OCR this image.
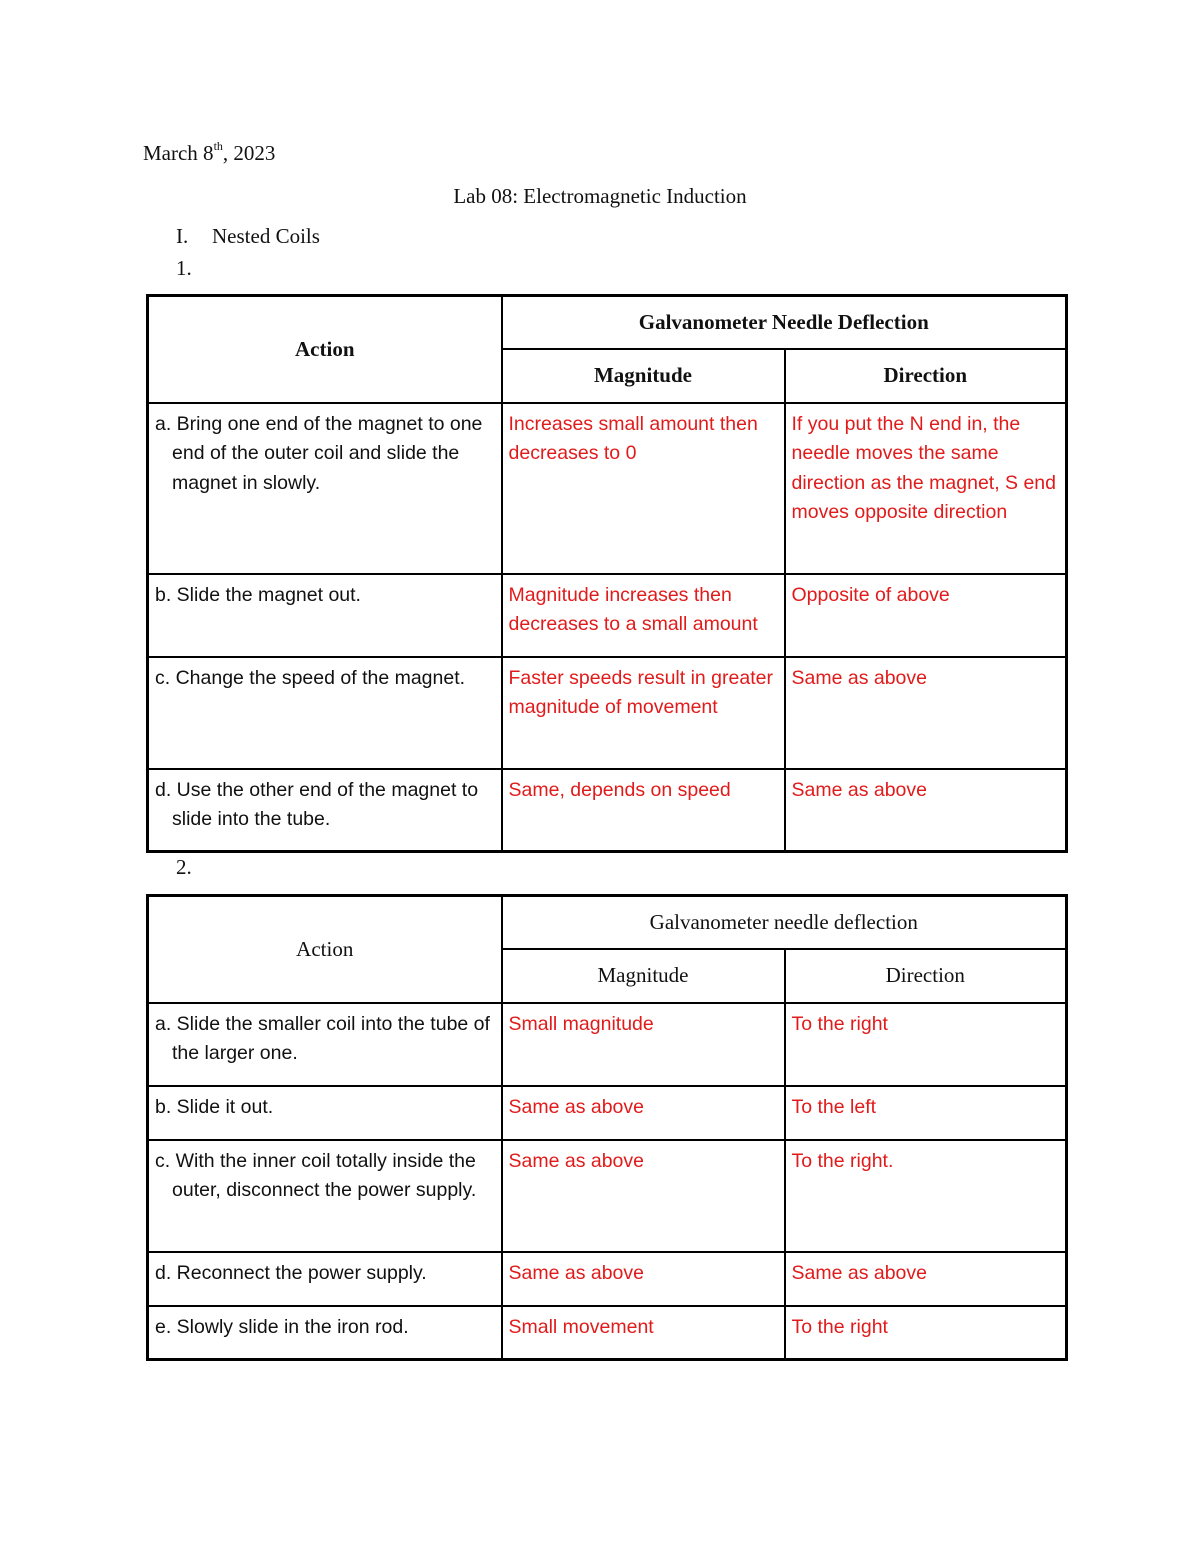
March 8th, 2023
Lab 08: Electromagnetic Induction
I. Nested Coils
1.
Action	Galvanometer Needle Deflection	
	Magnitude	Direction

a. Bring one end of the magnet to one end of the outer coil and slide the magnet in slowly.	Increases small amount then decreases to 0	If you put the N end in, the needle moves the same direction as the magnet, S end moves opposite direction

b. Slide the magnet out.	Magnitude increases then decreases to a small amount	Opposite of above

c. Change the speed of the magnet.	Faster speeds result in greater magnitude of movement	Same as above

d. Use the other end of the magnet to slide into the tube.	Same, depends on speed	Same as above
2.
Action	Galvanometer needle deflection	
	Magnitude	Direction

a. Slide the smaller coil into the tube of the larger one.	Small magnitude	To the right

b. Slide it out.	Same as above	To the left

c. With the inner coil totally inside the outer, disconnect the power supply.	Same as above	To the right.

d. Reconnect the power supply.	Same as above	Same as above

e. Slowly slide in the iron rod.	Small movement	To the right
